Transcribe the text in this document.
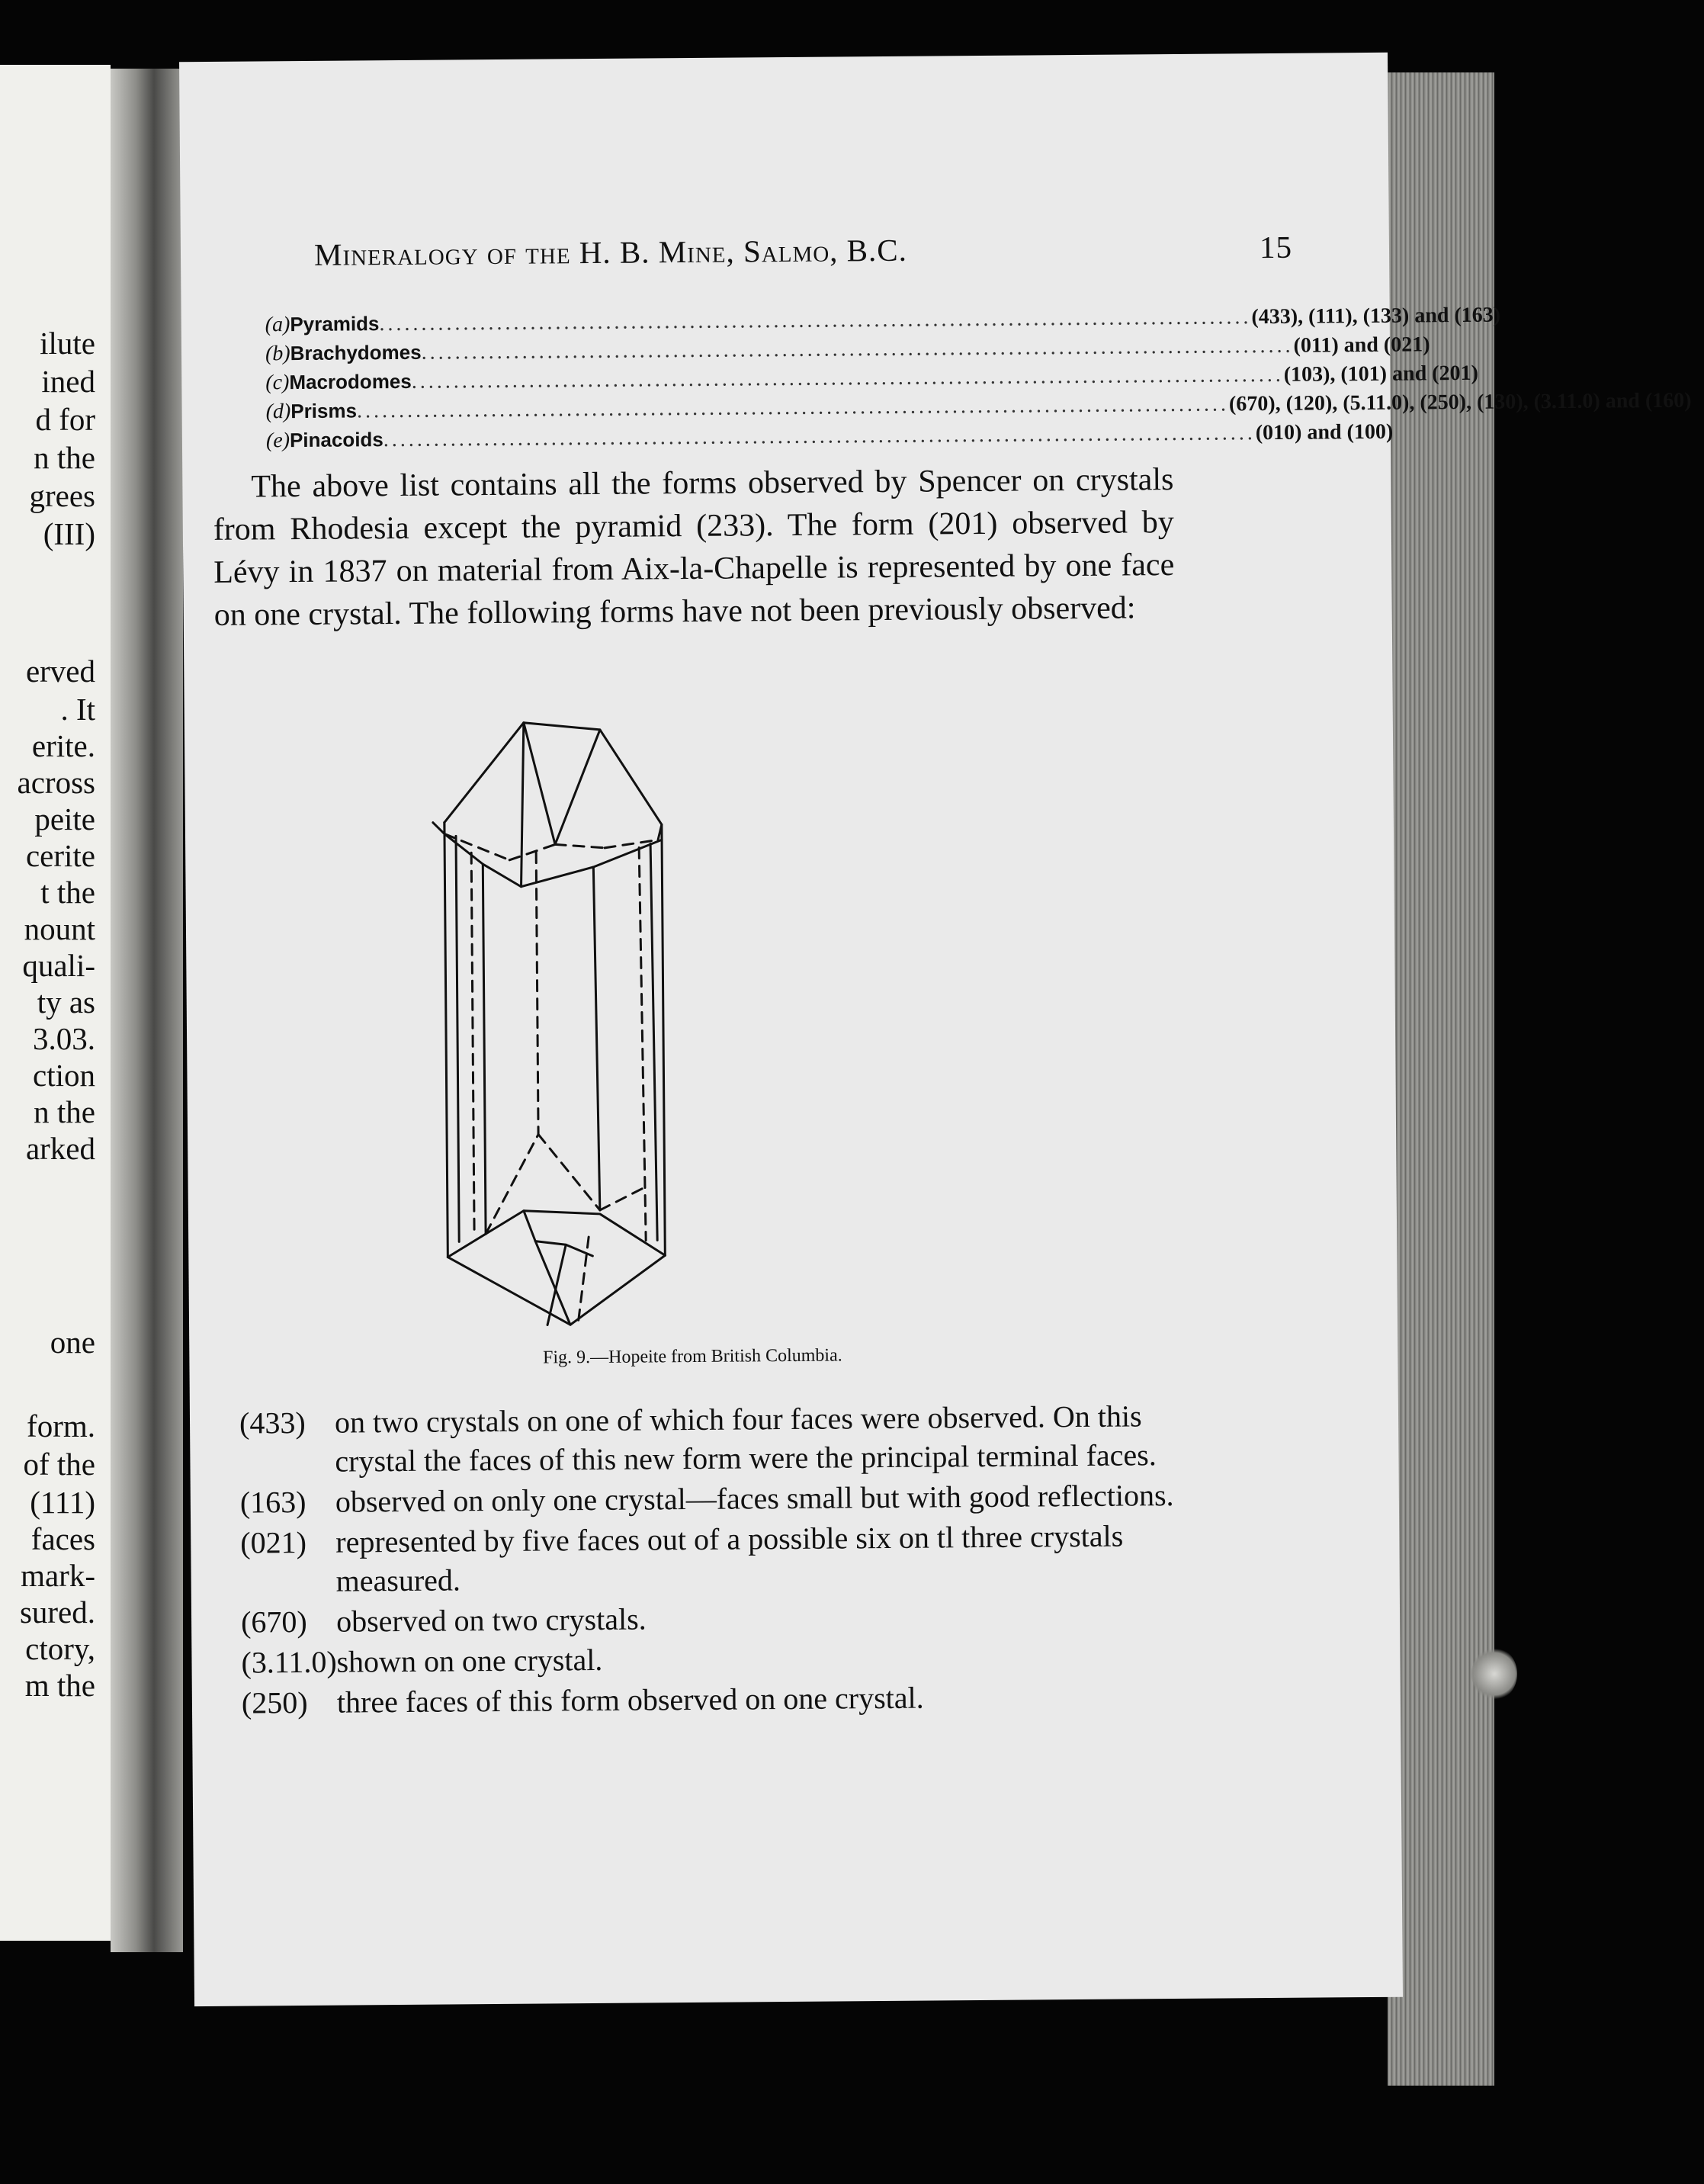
ilute
ined
d for
n the
grees
(III)
erved
. It
erite.
across
peite
cerite
t the
nount
quali-
ty as
3.03.
ction
n the
arked
one
form.
of the
(111)
faces
mark-
sured.
ctory,
m the
Mineralogy of the H. B. Mine, Salmo, B.C.	15
(a) Pyramids ........................................................................................................ (433), (111), (133) and (163)
(b) Brachydomes ........................................................................................................ (011) and (021)
(c) Macrodomes ........................................................................................................ (103), (101) and (201)
(d) Prisms ........................................................................................................ (670), (120), (5.11.0), (250), (130), (3.11.0) and (160)
(e) Pinacoids ........................................................................................................ (010) and (100)
The above list contains all the forms observed by Spencer on crystals from Rhodesia except the pyramid (233). The form (201) observed by Lévy in 1837 on material from Aix-la-Chapelle is represented by one face on one crystal. The following forms have not been previously observed:
Fig. 9.—Hopeite from British Columbia.
(433) on two crystals on one of which four faces were observed. On this crystal the faces of this new form were the principal terminal faces.
(163) observed on only one crystal—faces small but with good reflections.
(021) represented by five faces out of a possible six on tl three crystals measured.
(670) observed on two crystals.
(3.11.0) shown on one crystal.
(250) three faces of this form observed on one crystal.
